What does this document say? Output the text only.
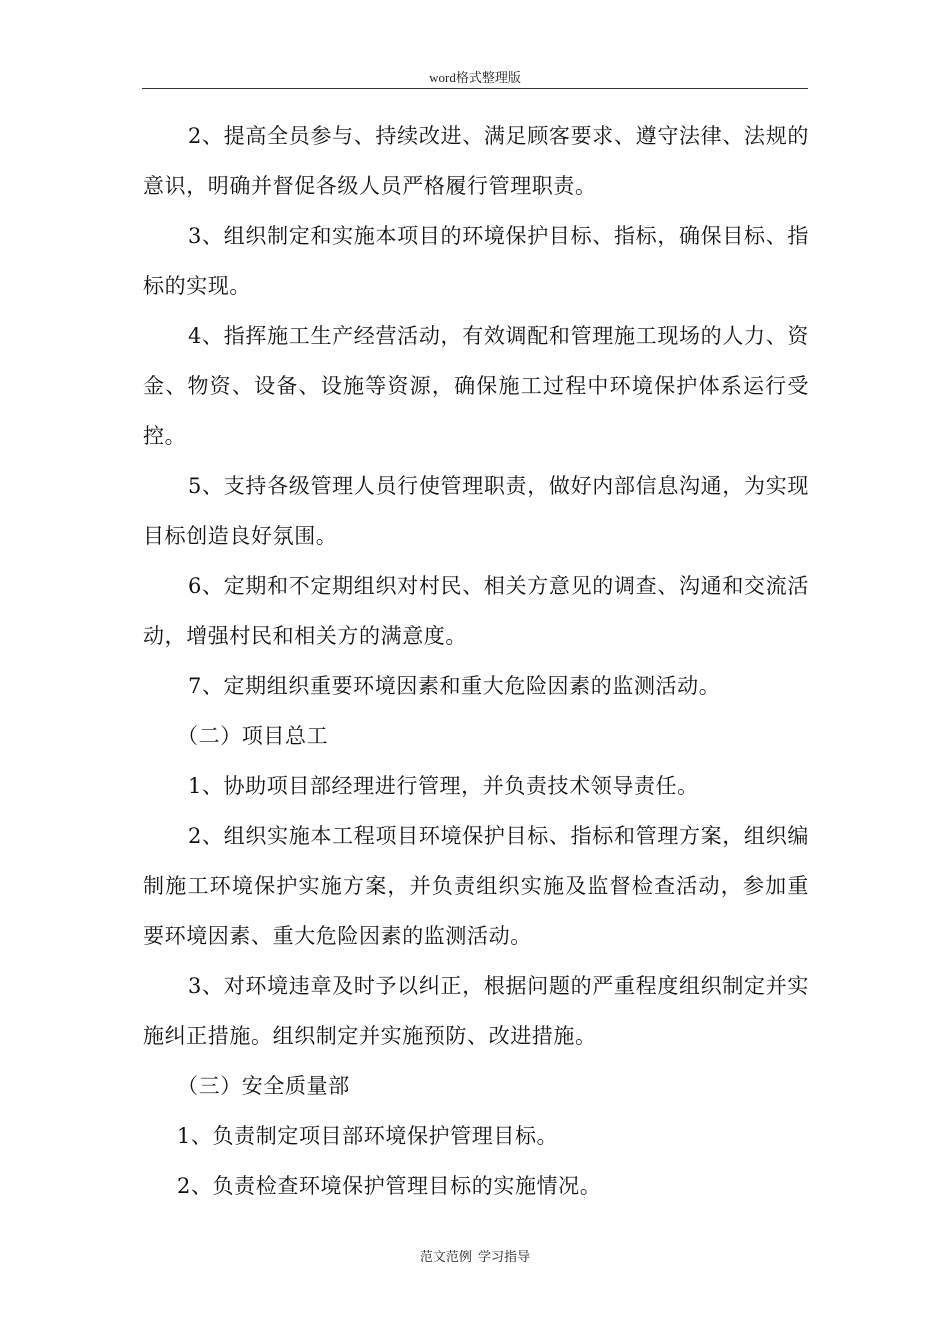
word格式整理版

2、提高全员参与、持续改进、满足顾客要求、遵守法律、法规的意识，明确并督促各级人员严格履行管理职责。

3、组织制定和实施本项目的环境保护目标、指标，确保目标、指标的实现。

4、指挥施工生产经营活动，有效调配和管理施工现场的人力、资金、物资、设备、设施等资源，确保施工过程中环境保护体系运行受控。

5、支持各级管理人员行使管理职责，做好内部信息沟通，为实现目标创造良好氛围。

6、定期和不定期组织对村民、相关方意见的调查、沟通和交流活动，增强村民和相关方的满意度。

7、定期组织重要环境因素和重大危险因素的监测活动。

（二）项目总工

1、协助项目部经理进行管理，并负责技术领导责任。

2、组织实施本工程项目环境保护目标、指标和管理方案，组织编制施工环境保护实施方案，并负责组织实施及监督检查活动，参加重要环境因素、重大危险因素的监测活动。

3、对环境违章及时予以纠正，根据问题的严重程度组织制定并实施纠正措施。组织制定并实施预防、改进措施。

（三）安全质量部

1、负责制定项目部环境保护管理目标。

2、负责检查环境保护管理目标的实施情况。

范文范例 学习指导
